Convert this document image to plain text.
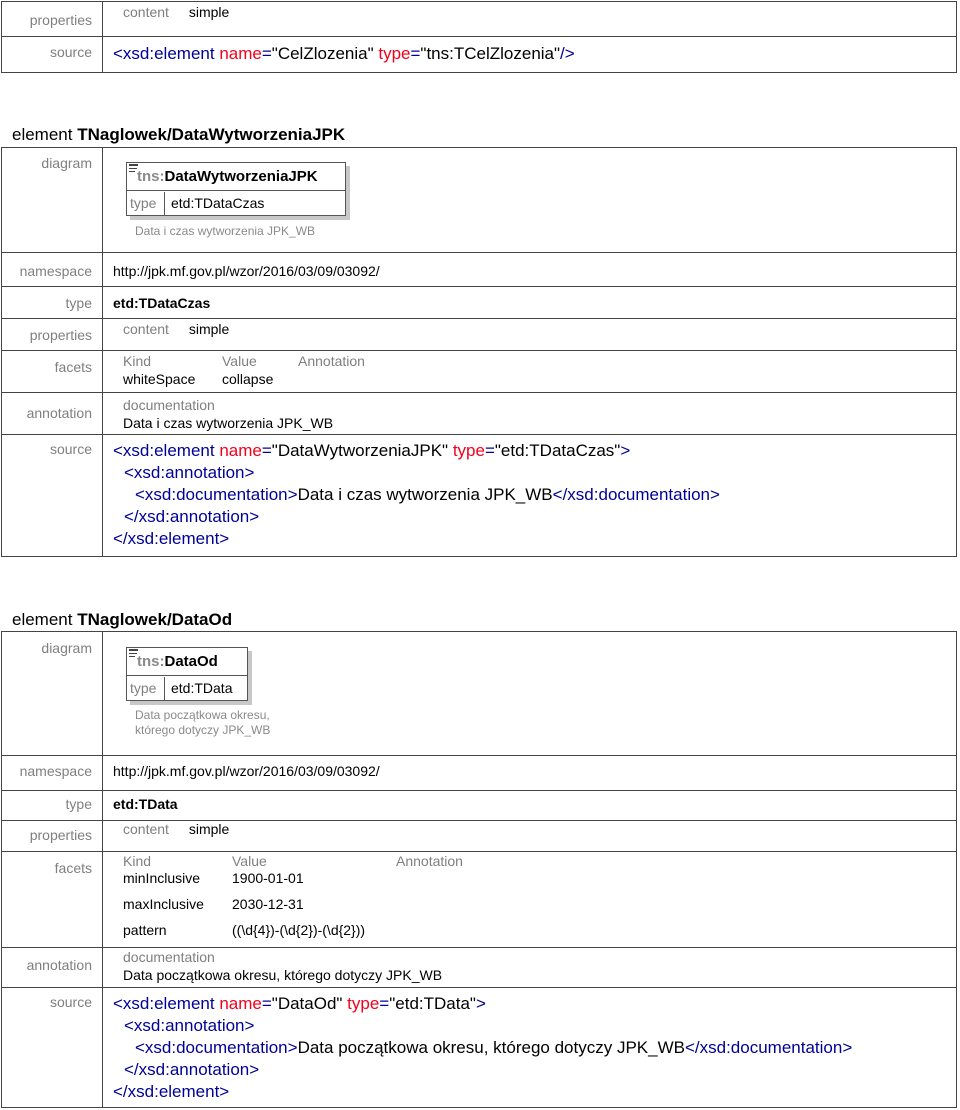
properties content simple
source <xsd:element name="CelZlozenia" type="tns:TCelZlozenia"/>
element TNaglowek/DataWytworzeniaJPK
diagram
tns:DataWytworzeniaJPK
type	etd:TDataCzas
Data i czas wytworzenia JPK_WB
namespace http://jpk.mf.gov.pl/wzor/2016/03/09/03092/
type etd:TDataCzas
properties content simple
facets Kind	Value	Annotation
whiteSpace collapse
annotation documentation
Data i czas wytworzenia JPK_WB
source <xsd:element name="DataWytworzeniaJPK" type="etd:TDataCzas">
<xsd:annotation>
<xsd:documentation>Data i czas wytworzenia JPK_WB</xsd:documentation>
</xsd:annotation>
</xsd:element>
element TNaglowek/DataOd
diagram
tns:DataOd
type	etd:TData
Data początkowa okresu,
którego dotyczy JPK_WB
namespace http://jpk.mf.gov.pl/wzor/2016/03/09/03092/
type etd:TData
properties content simple
facets Kind	Value	Annotation
minInclusive 1900-01-01
maxInclusive 2030-12-31
pattern	((\d{4})-(\d{2})-(\d{2}))
annotation documentation
Data początkowa okresu, którego dotyczy JPK_WB
source <xsd:element name="DataOd" type="etd:TData">
<xsd:annotation>
<xsd:documentation>Data początkowa okresu, którego dotyczy JPK_WB</xsd:documentation>
</xsd:annotation>
</xsd:element>
